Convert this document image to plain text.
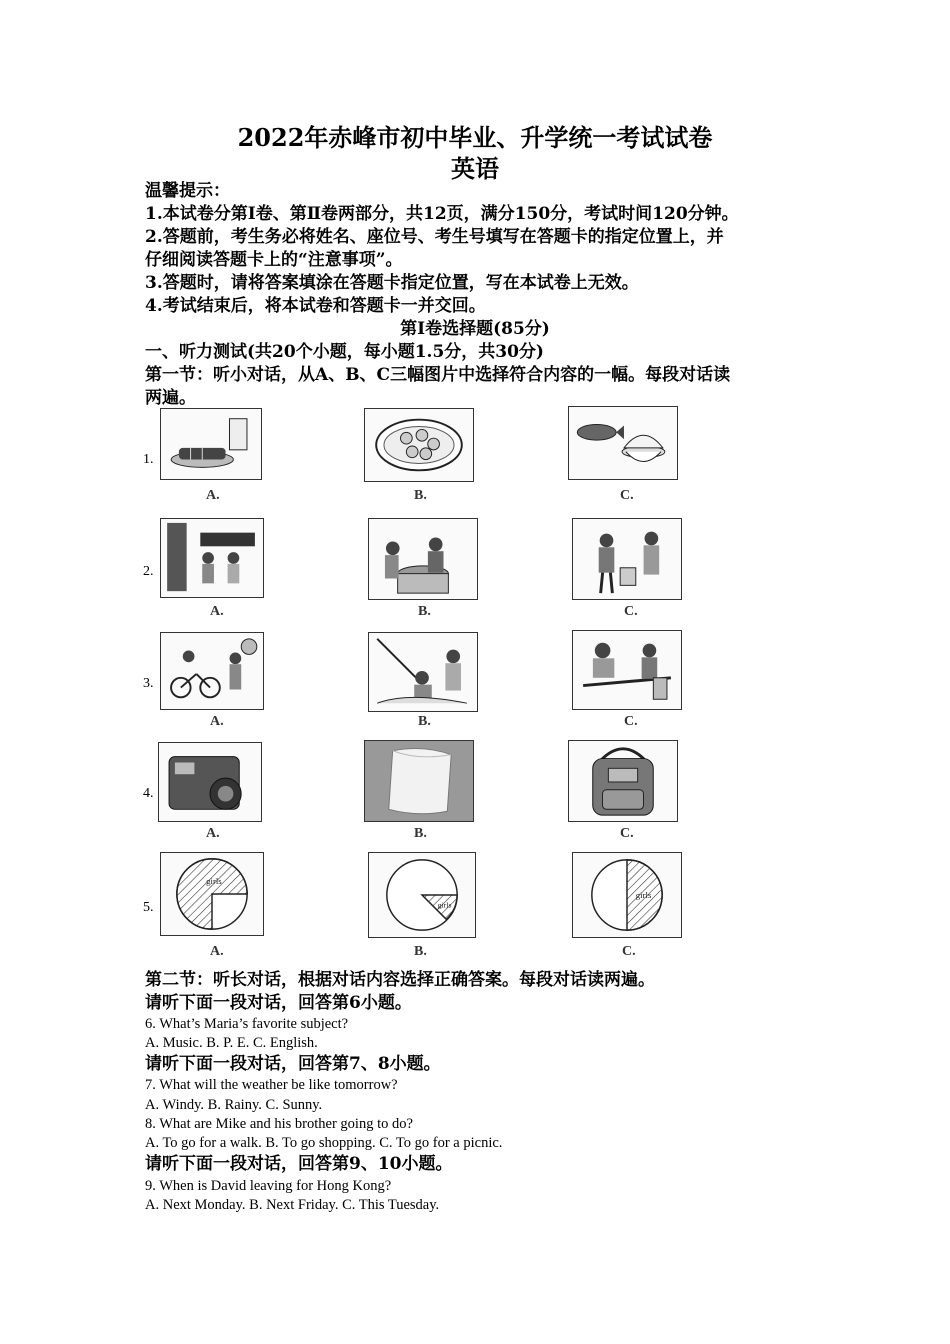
2022年赤峰市初中毕业、升学统一考试试卷
英语
温馨提示：
1.本试卷分第Ⅰ卷、第Ⅱ卷两部分，共12页，满分150分，考试时间120分钟。
2.答题前，考生务必将姓名、座位号、考生号填写在答题卡的指定位置上，并
仔细阅读答题卡上的“注意事项”。
3.答题时，请将答案填涂在答题卡指定位置，写在本试卷上无效。
4.考试结束后，将本试卷和答题卡一并交回。
第Ⅰ卷选择题(85分)
一、听力测试(共20个小题，每小题1.5分，共30分)
第一节：听小对话，从A、B、C三幅图片中选择符合内容的一幅。每段对话读
两遍。
1.
A.	B.	C.
2.
A.	B.	C.
3.
A.	B.	C.
4.
A.	B.	C.
5.
girls
girls
girls
A.	B.	C.
第二节：听长对话，根据对话内容选择正确答案。每段对话读两遍。
请听下面一段对话，回答第6小题。
6. What’s Maria’s favorite subject?
A. Music. B. P. E. C. English.
请听下面一段对话，回答第7、8小题。
7. What will the weather be like tomorrow?
A. Windy. B. Rainy. C. Sunny.
8. What are Mike and his brother going to do?
A. To go for a walk. B. To go shopping. C. To go for a picnic.
请听下面一段对话，回答第9、10小题。
9. When is David leaving for Hong Kong?
A. Next Monday. B. Next Friday. C. This Tuesday.
